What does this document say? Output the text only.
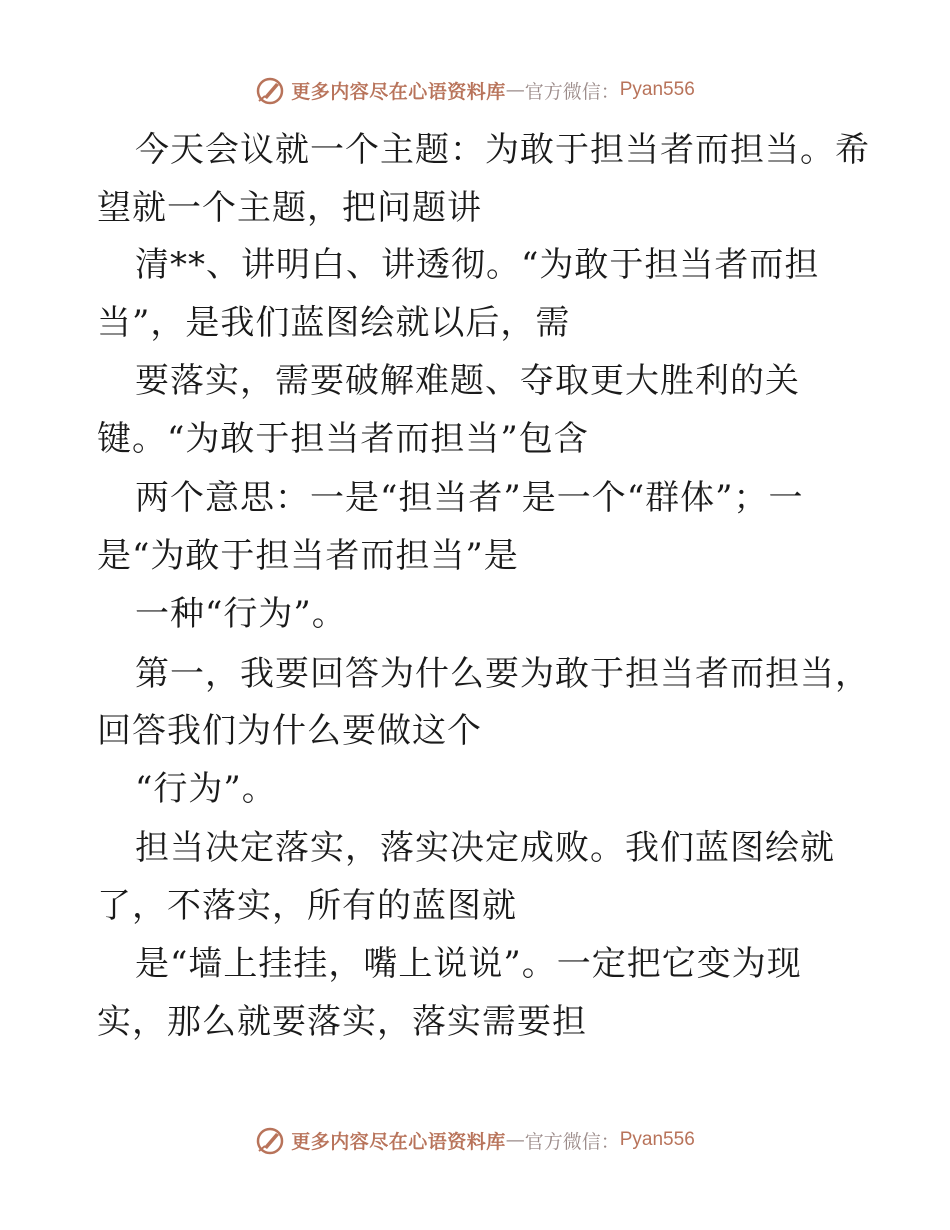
更多内容尽在心语资料库 — 官方微信： Pyan556
今天会议就一个主题：为敢于担当者而担当。希
望就一个主题，把问题讲
清**、讲明白、讲透彻。“为敢于担当者而担
当”，是我们蓝图绘就以后，需
要落实，需要破解难题、夺取更大胜利的关
键。“为敢于担当者而担当”包含
两个意思：一是“担当者”是一个“群体”；一
是“为敢于担当者而担当”是
一种“行为”。
第一，我要回答为什么要为敢于担当者而担当，
回答我们为什么要做这个
“行为”。
担当决定落实，落实决定成败。我们蓝图绘就
了，不落实，所有的蓝图就
是“墙上挂挂，嘴上说说”。一定把它变为现
实，那么就要落实，落实需要担
更多内容尽在心语资料库 — 官方微信： Pyan556
